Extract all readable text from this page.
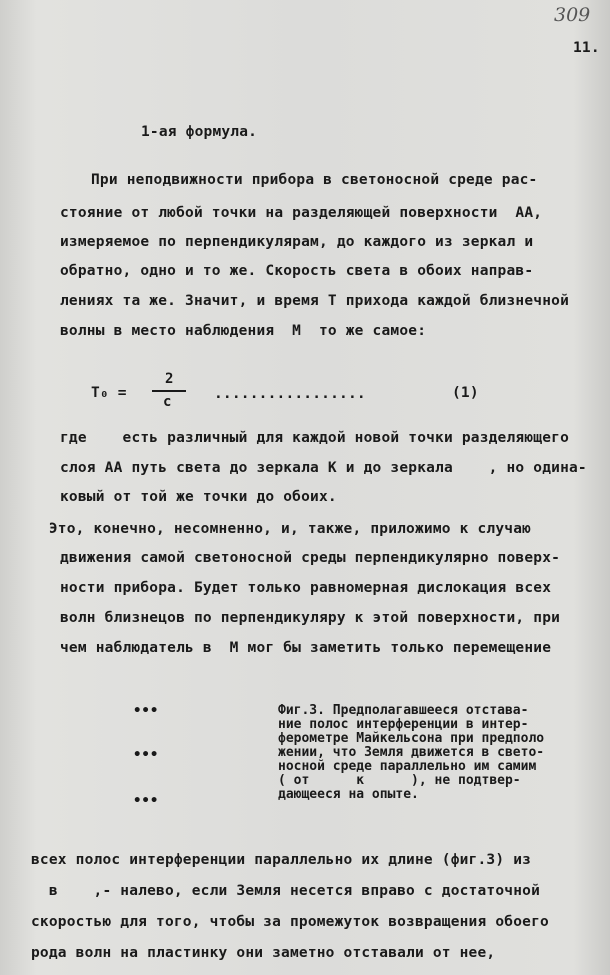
309
11.
1-ая формула.
При неподвижности прибора в светоносной среде рас-
стояние от любой точки на разделяющей поверхности  АА,
измеряемое по перпендикулярам, до каждого из зеркал и
обратно, одно и то же. Скорость света в обоих направ-
лениях та же. Значит, и время Т прихода каждой близнечной
волны в место наблюдения  М  то же самое:
T₀ =
2
c	.................	(1)
где    есть различный для каждой новой точки разделяющего
слоя АА путь света до зеркала К и до зеркала    , но одина-
ковый от той же точки до обоих.
Это, конечно, несомненно, и, также, приложимо к случаю
движения самой светоносной среды перпендикулярно поверх-
ности прибора. Будет только равномерная дислокация всех
волн близнецов по перпендикуляру к этой поверхности, при
чем наблюдатель в  М мог бы заметить только перемещение
•••
•••
•••
Фиг.3. Предполагавшееся отстава-
ние полос интерференции в интер-
ферометре Майкельсона при предполо
жении, что Земля движется в свето-
носной среде параллельно им самим
( от      к      ), не подтвер-
дающееся на опыте.
всех полос интерференции параллельно их длине (фиг.3) из
в    ,- налево, если Земля несется вправо с достаточной
скоростью для того, чтобы за промежуток возвращения обоего
рода волн на пластинку они заметно отставали от нее,
